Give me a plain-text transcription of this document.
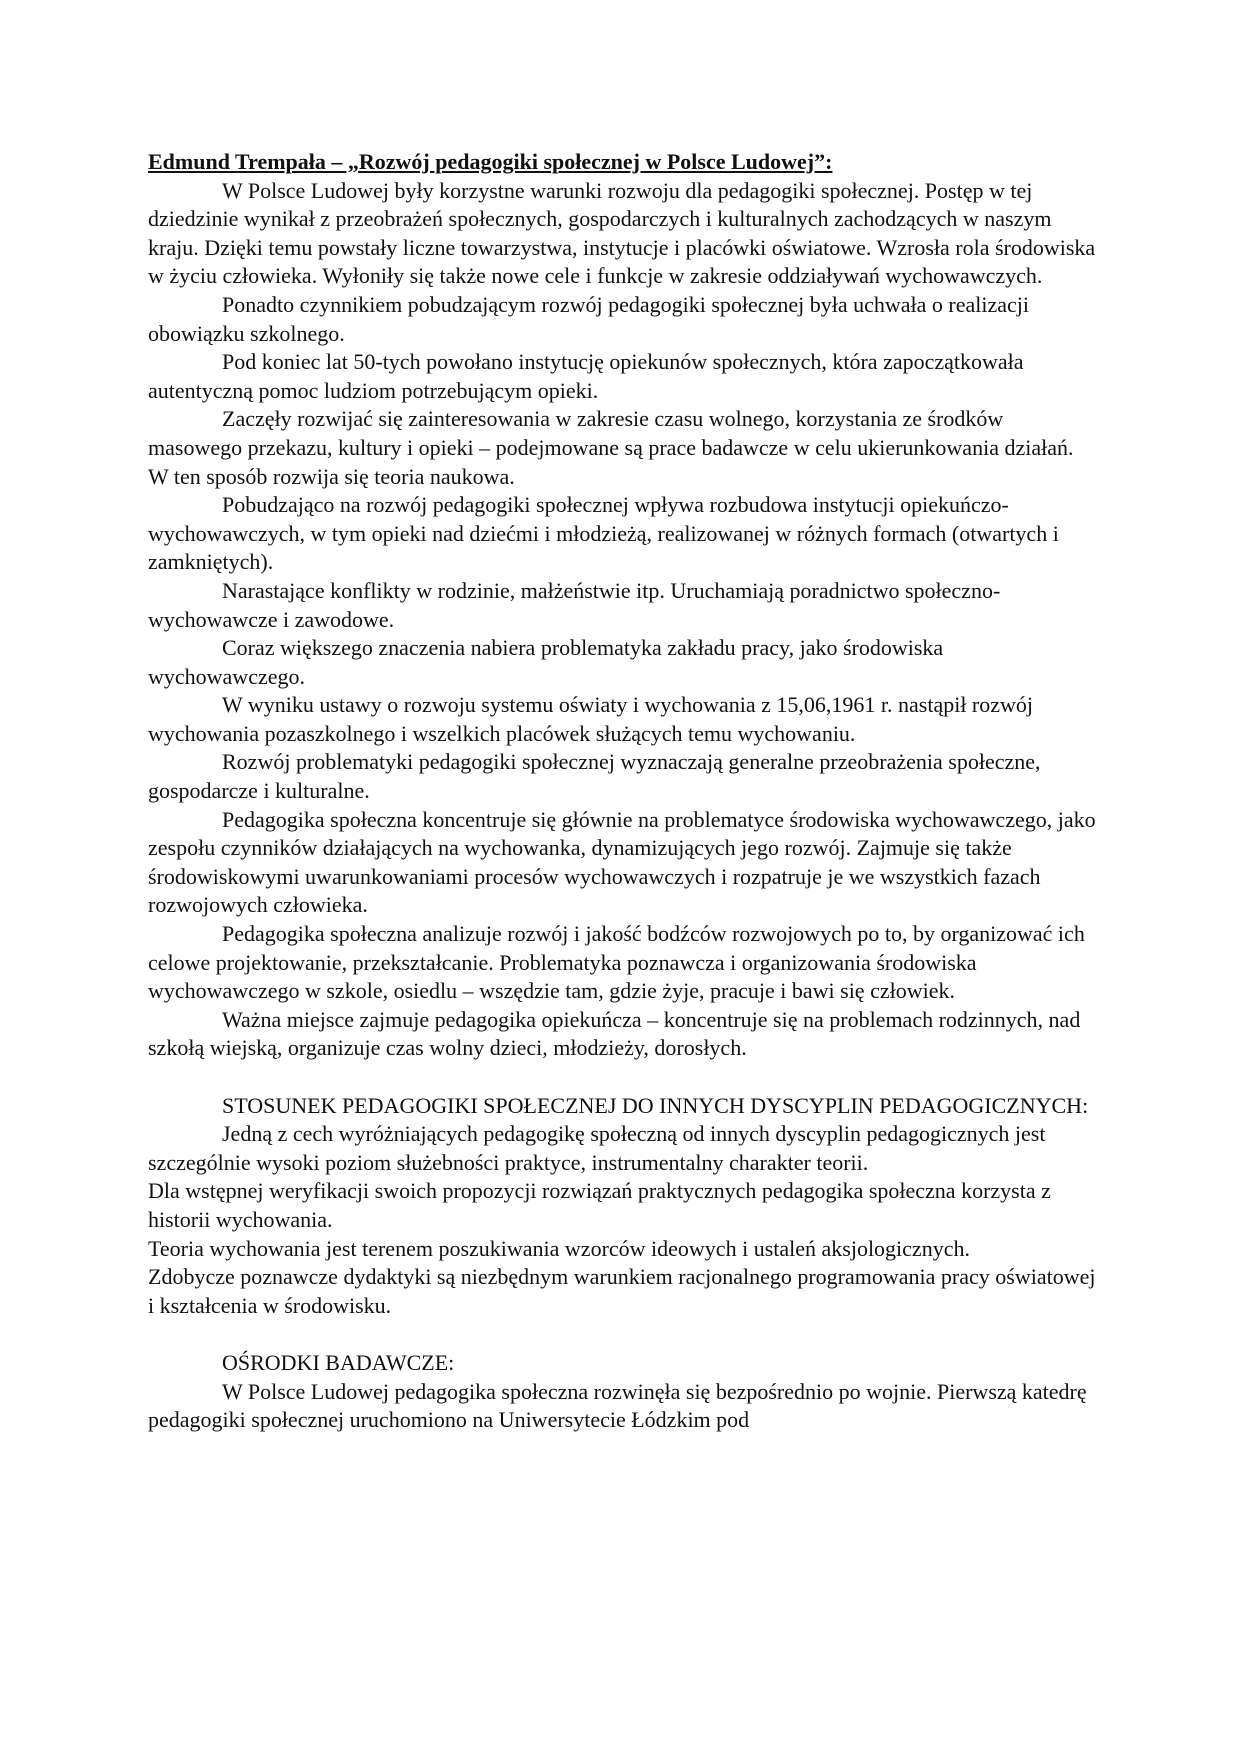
Edmund Trempała – „Rozwój pedagogiki społecznej w Polsce Ludowej”:

W Polsce Ludowej były korzystne warunki rozwoju dla pedagogiki społecznej. Postęp w tej dziedzinie wynikał z przeobrażeń społecznych, gospodarczych i kulturalnych zachodzących w naszym kraju. Dzięki temu powstały liczne towarzystwa, instytucje i placówki oświatowe. Wzrosła rola środowiska w życiu człowieka. Wyłoniły się także nowe cele i funkcje w zakresie oddziaływań wychowawczych.

Ponadto czynnikiem pobudzającym rozwój pedagogiki społecznej była uchwała o realizacji obowiązku szkolnego.

Pod koniec lat 50-tych powołano instytucję opiekunów społecznych, która zapoczątkowała autentyczną pomoc ludziom potrzebującym opieki.

Zaczęły rozwijać się zainteresowania w zakresie czasu wolnego, korzystania ze środków masowego przekazu, kultury i opieki – podejmowane są prace badawcze w celu ukierunkowania działań. W ten sposób rozwija się teoria naukowa.

Pobudzająco na rozwój pedagogiki społecznej wpływa rozbudowa instytucji opiekuńczo-wychowawczych, w tym opieki nad dziećmi i młodzieżą, realizowanej w różnych formach (otwartych i zamkniętych).

Narastające konflikty w rodzinie, małżeństwie itp. Uruchamiają poradnictwo społeczno-wychowawcze i zawodowe.

Coraz większego znaczenia nabiera problematyka zakładu pracy, jako środowiska wychowawczego.

W wyniku ustawy o rozwoju systemu oświaty i wychowania z 15,06,1961 r. nastąpił rozwój wychowania pozaszkolnego i wszelkich placówek służących temu wychowaniu.

Rozwój problematyki pedagogiki społecznej wyznaczają generalne przeobrażenia społeczne, gospodarcze i kulturalne.

Pedagogika społeczna koncentruje się głównie na problematyce środowiska wychowawczego, jako zespołu czynników działających na wychowanka, dynamizujących jego rozwój. Zajmuje się także środowiskowymi uwarunkowaniami procesów wychowawczych i rozpatruje je we wszystkich fazach rozwojowych człowieka.

Pedagogika społeczna analizuje rozwój i jakość bodźców rozwojowych po to, by organizować ich celowe projektowanie, przekształcanie. Problematyka poznawcza i organizowania środowiska wychowawczego w szkole, osiedlu – wszędzie tam, gdzie żyje, pracuje i bawi się człowiek.

Ważna miejsce zajmuje pedagogika opiekuńcza – koncentruje się na problemach rodzinnych, nad szkołą wiejską, organizuje czas wolny dzieci, młodzieży, dorosłych.

STOSUNEK PEDAGOGIKI SPOŁECZNEJ DO INNYCH DYSCYPLIN PEDAGOGICZNYCH:

Jedną z cech wyróżniających pedagogikę społeczną od innych dyscyplin pedagogicznych jest szczególnie wysoki poziom służebności praktyce, instrumentalny charakter teorii.

Dla wstępnej weryfikacji swoich propozycji rozwiązań praktycznych pedagogika społeczna korzysta z historii wychowania.

Teoria wychowania jest terenem poszukiwania wzorców ideowych i ustaleń aksjologicznych.

Zdobycze poznawcze dydaktyki są niezbędnym warunkiem racjonalnego programowania pracy oświatowej i kształcenia w środowisku.

OŚRODKI BADAWCZE:

W Polsce Ludowej pedagogika społeczna rozwinęła się bezpośrednio po wojnie. Pierwszą katedrę pedagogiki społecznej uruchomiono na Uniwersytecie Łódzkim pod
